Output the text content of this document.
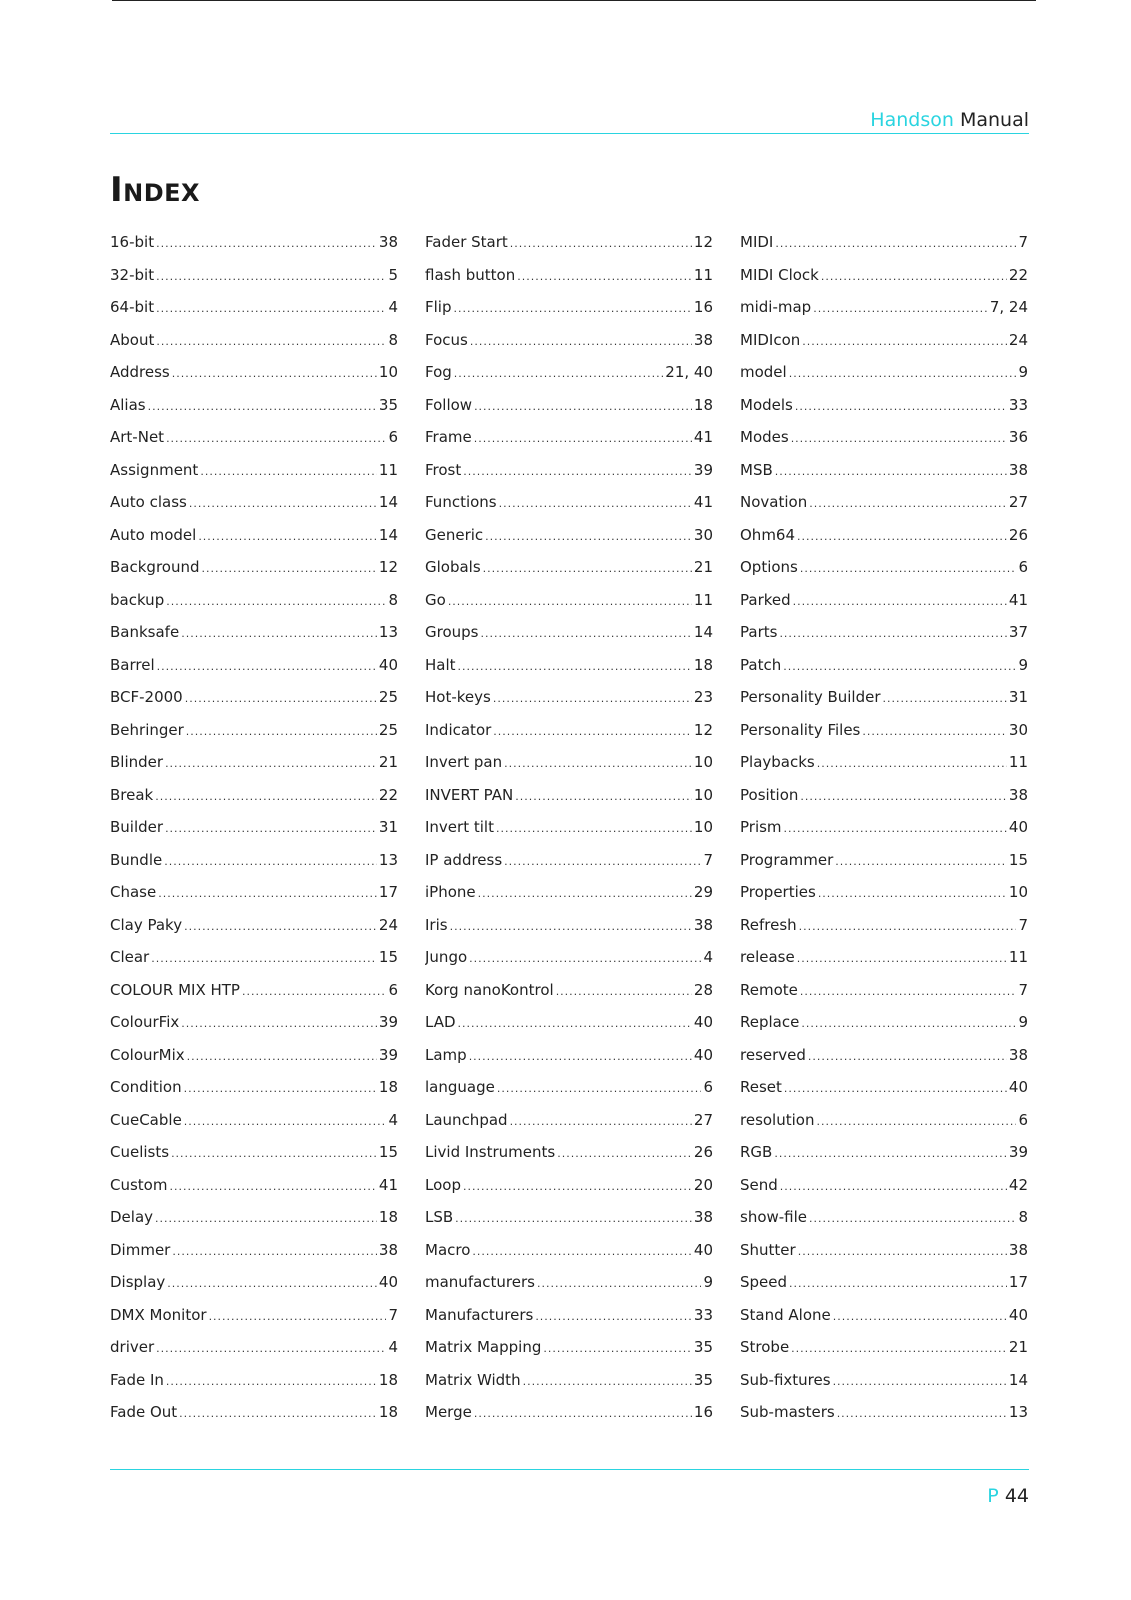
Handson Manual
Index
16-bit .....	38
32-bit .....	5
64-bit .....	4
About .....	8
Address .....	10
Alias .....	35
Art-Net .....	6
Assignment .....	11
Auto class .....	14
Auto model .....	14
Background .....	12
backup .....	8
Banksafe .....	13
Barrel .....	40
BCF-2000 .....	25
Behringer .....	25
Blinder .....	21
Break .....	22
Builder .....	31
Bundle .....	13
Chase .....	17
Clay Paky .....	24
Clear .....	15
COLOUR MIX HTP .....	6
ColourFix .....	39
ColourMix .....	39
Condition .....	18
CueCable .....	4
Cuelists .....	15
Custom .....	41
Delay .....	18
Dimmer .....	38
Display .....	40
DMX Monitor .....	7
driver .....	4
Fade In .....	18
Fade Out .....	18
Fader Start .....	12
flash button .....	11
Flip .....	16
Focus .....	38
Fog .....	21, 40
Follow .....	18
Frame .....	41
Frost .....	39
Functions .....	41
Generic .....	30
Globals .....	21
Go .....	11
Groups .....	14
Halt .....	18
Hot-keys .....	23
Indicator .....	12
Invert pan .....	10
INVERT PAN .....	10
Invert tilt .....	10
IP address .....	7
iPhone .....	29
Iris .....	38
Jungo .....	4
Korg nanoKontrol .....	28
LAD .....	40
Lamp .....	40
language .....	6
Launchpad .....	27
Livid Instruments .....	26
Loop .....	20
LSB .....	38
Macro .....	40
manufacturers .....	9
Manufacturers .....	33
Matrix Mapping .....	35
Matrix Width .....	35
Merge .....	16
MIDI .....	7
MIDI Clock .....	22
midi-map .....	7, 24
MIDIcon .....	24
model .....	9
Models .....	33
Modes .....	36
MSB .....	38
Novation .....	27
Ohm64 .....	26
Options .....	6
Parked .....	41
Parts .....	37
Patch .....	9
Personality Builder .....	31
Personality Files .....	30
Playbacks .....	11
Position .....	38
Prism .....	40
Programmer .....	15
Properties .....	10
Refresh .....	7
release .....	11
Remote .....	7
Replace .....	9
reserved .....	38
Reset .....	40
resolution .....	6
RGB .....	39
Send .....	42
show-file .....	8
Shutter .....	38
Speed .....	17
Stand Alone .....	40
Strobe .....	21
Sub-fixtures .....	14
Sub-masters .....	13
P 44
